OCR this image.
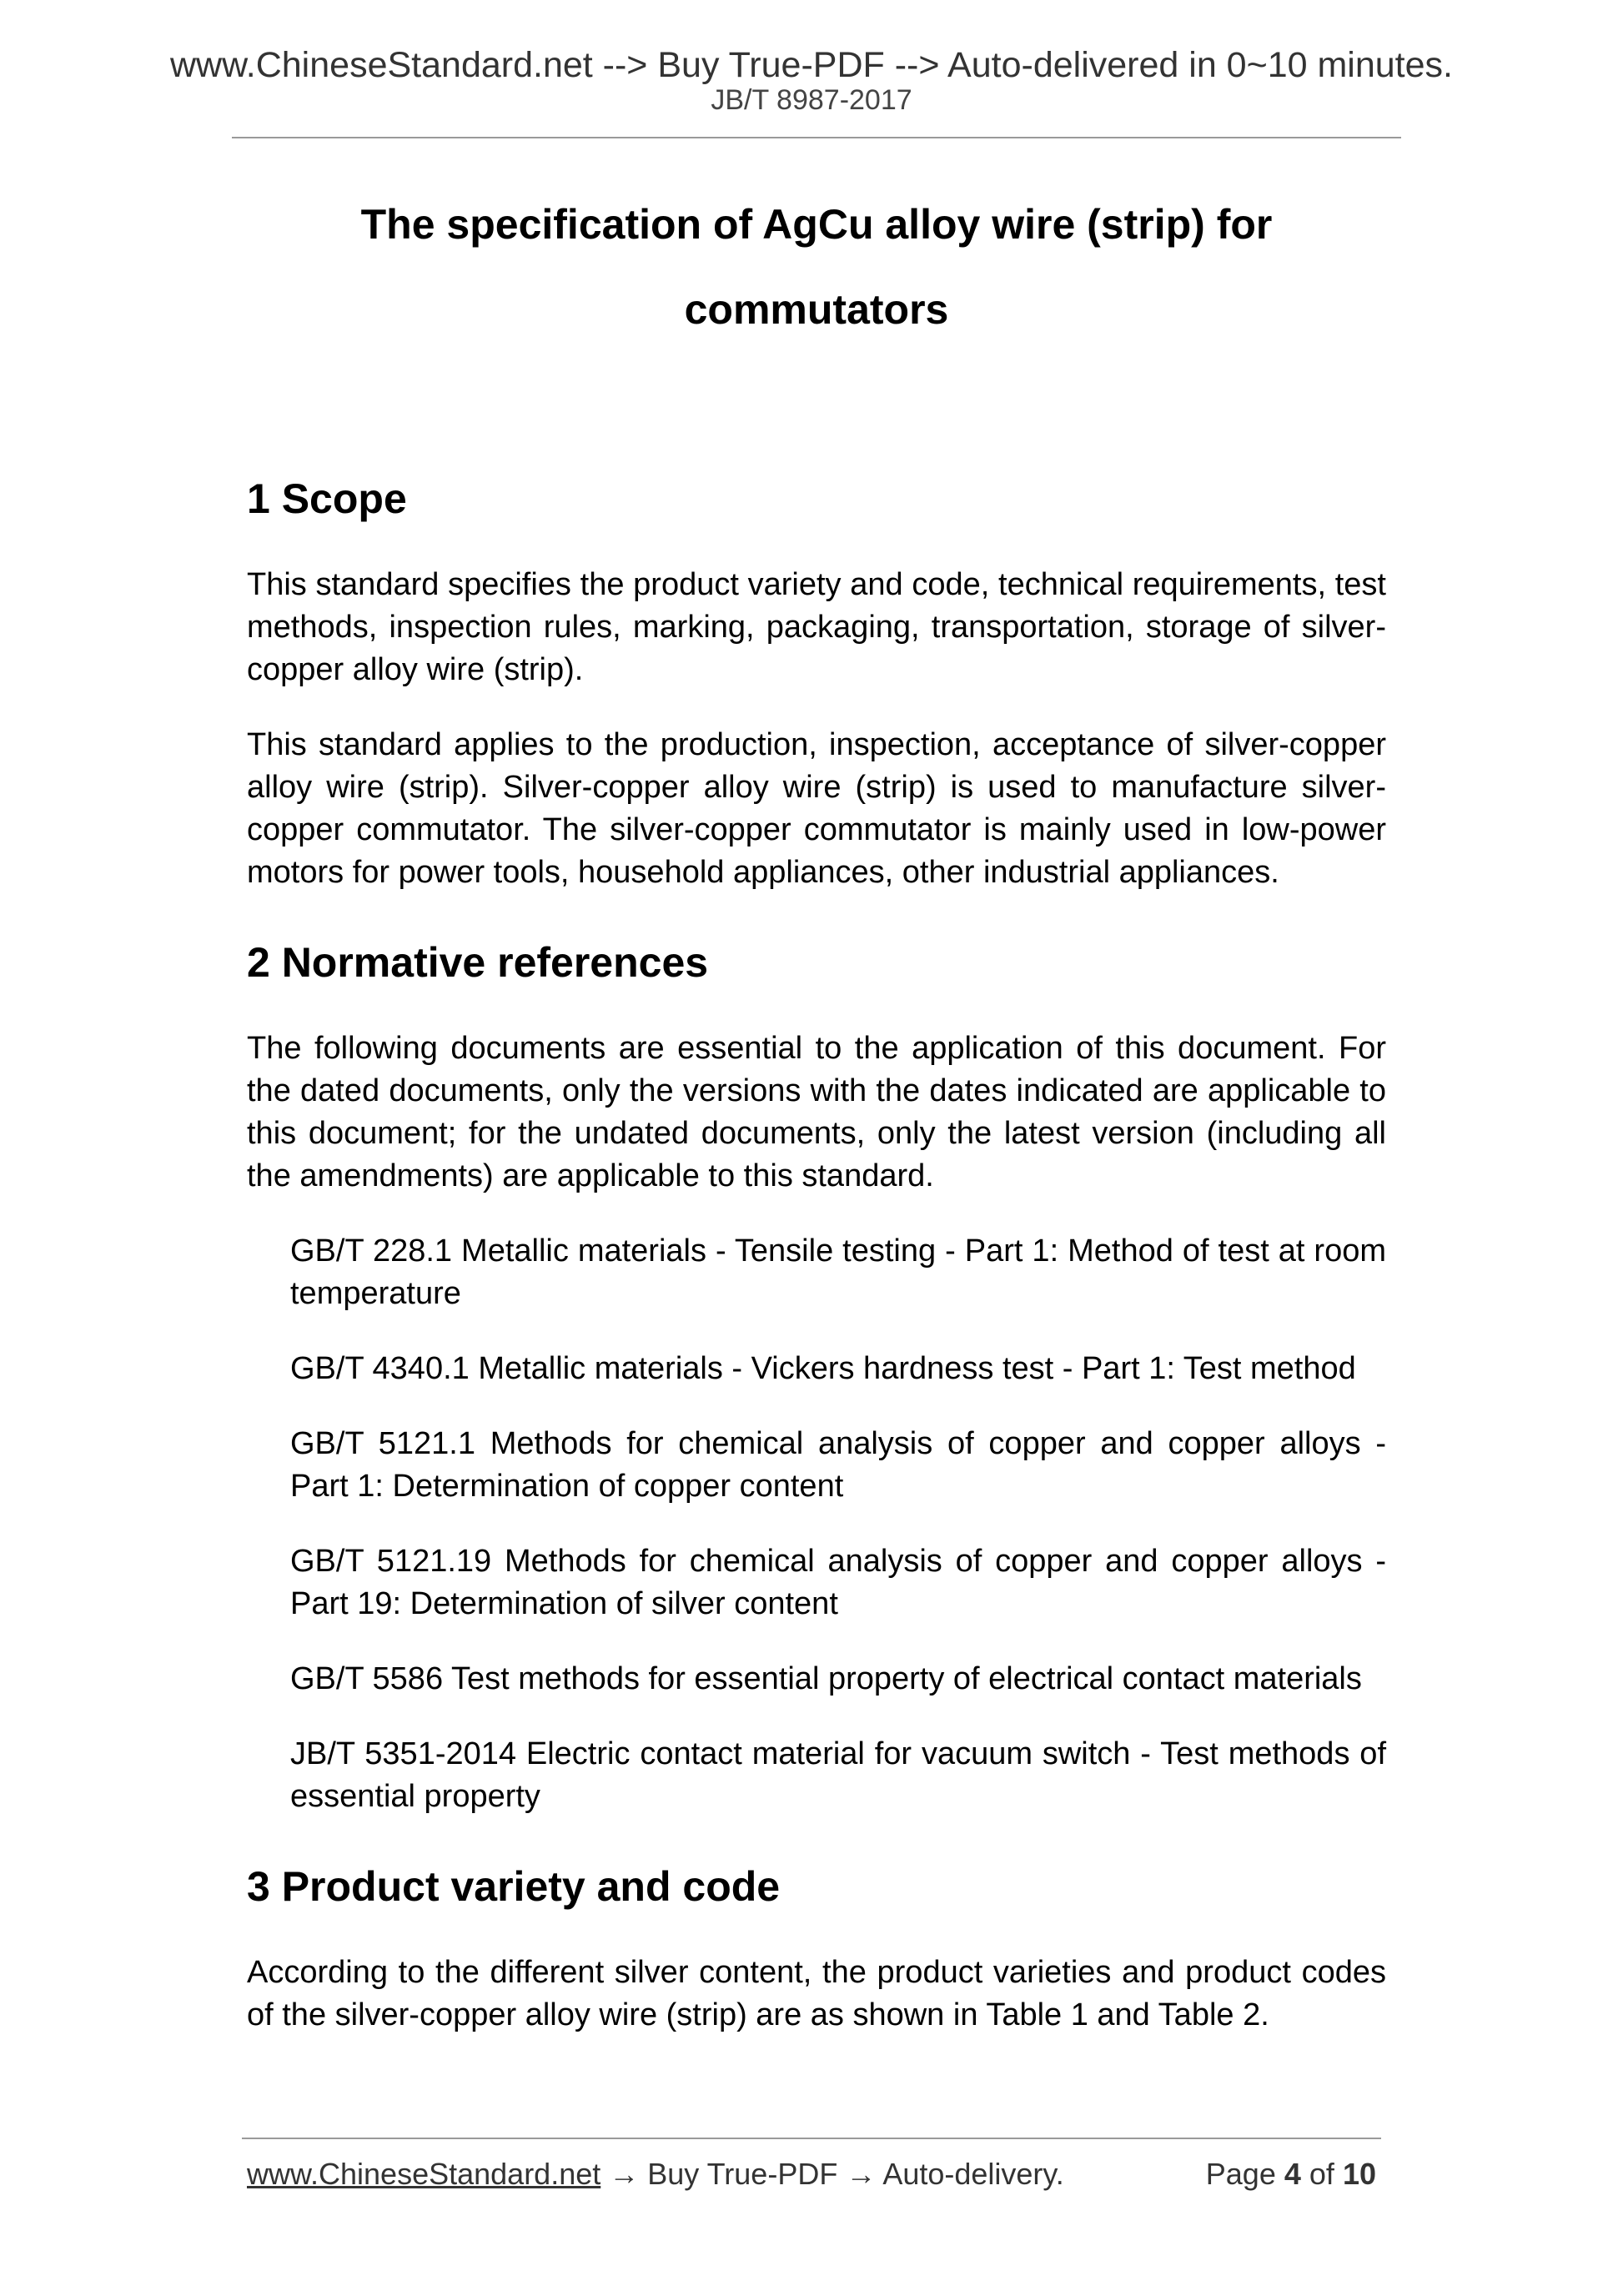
www.ChineseStandard.net --> Buy True-PDF --> Auto-delivered in 0~10 minutes.
JB/T 8987-2017
The specification of AgCu alloy wire (strip) for
commutators
1 Scope

This standard specifies the product variety and code, technical requirements, test methods, inspection rules, marking, packaging, transportation, storage of silver-copper alloy wire (strip).

This standard applies to the production, inspection, acceptance of silver-copper alloy wire (strip). Silver-copper alloy wire (strip) is used to manufacture silver-copper commutator. The silver-copper commutator is mainly used in low-power motors for power tools, household appliances, other industrial appliances.

2 Normative references

The following documents are essential to the application of this document. For the dated documents, only the versions with the dates indicated are applicable to this document; for the undated documents, only the latest version (including all the amendments) are applicable to this standard.

GB/T 228.1 Metallic materials - Tensile testing - Part 1: Method of test at room temperature
GB/T 4340.1 Metallic materials - Vickers hardness test - Part 1: Test method
GB/T 5121.1 Methods for chemical analysis of copper and copper alloys - Part 1: Determination of copper content
GB/T 5121.19 Methods for chemical analysis of copper and copper alloys - Part 19: Determination of silver content
GB/T 5586 Test methods for essential property of electrical contact materials
JB/T 5351-2014 Electric contact material for vacuum switch - Test methods of essential property
3 Product variety and code

According to the different silver content, the product varieties and product codes of the silver-copper alloy wire (strip) are as shown in Table 1 and Table 2.

www.ChineseStandard.net → Buy True-PDF → Auto-delivery.	Page 4 of 10
